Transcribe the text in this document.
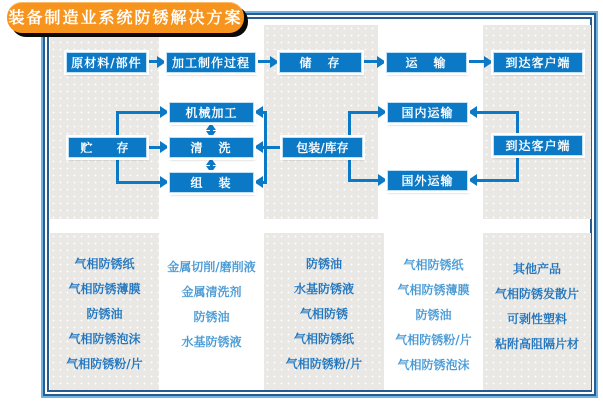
装备制造业系统防锈解决方案
原材料/部件	加工制作过程	储　存	运　输	到达客户端
机械加工
清　洗
组　装
贮　存	包装/库存
国内运输
国外运输
到达客户端
气相防锈纸
气相防锈薄膜
防锈油
气相防锈泡沫
气相防锈粉/片
金属切削/磨削液
金属清洗剂
防锈油
水基防锈液
防锈油
水基防锈液
气相防锈
气相防锈纸
气相防锈粉/片
气相防锈纸
气相防锈薄膜
防锈油
气相防锈粉/片
气相防锈泡沫
其他产品
气相防锈发散片
可剥性塑料
粘附高阻隔片材
